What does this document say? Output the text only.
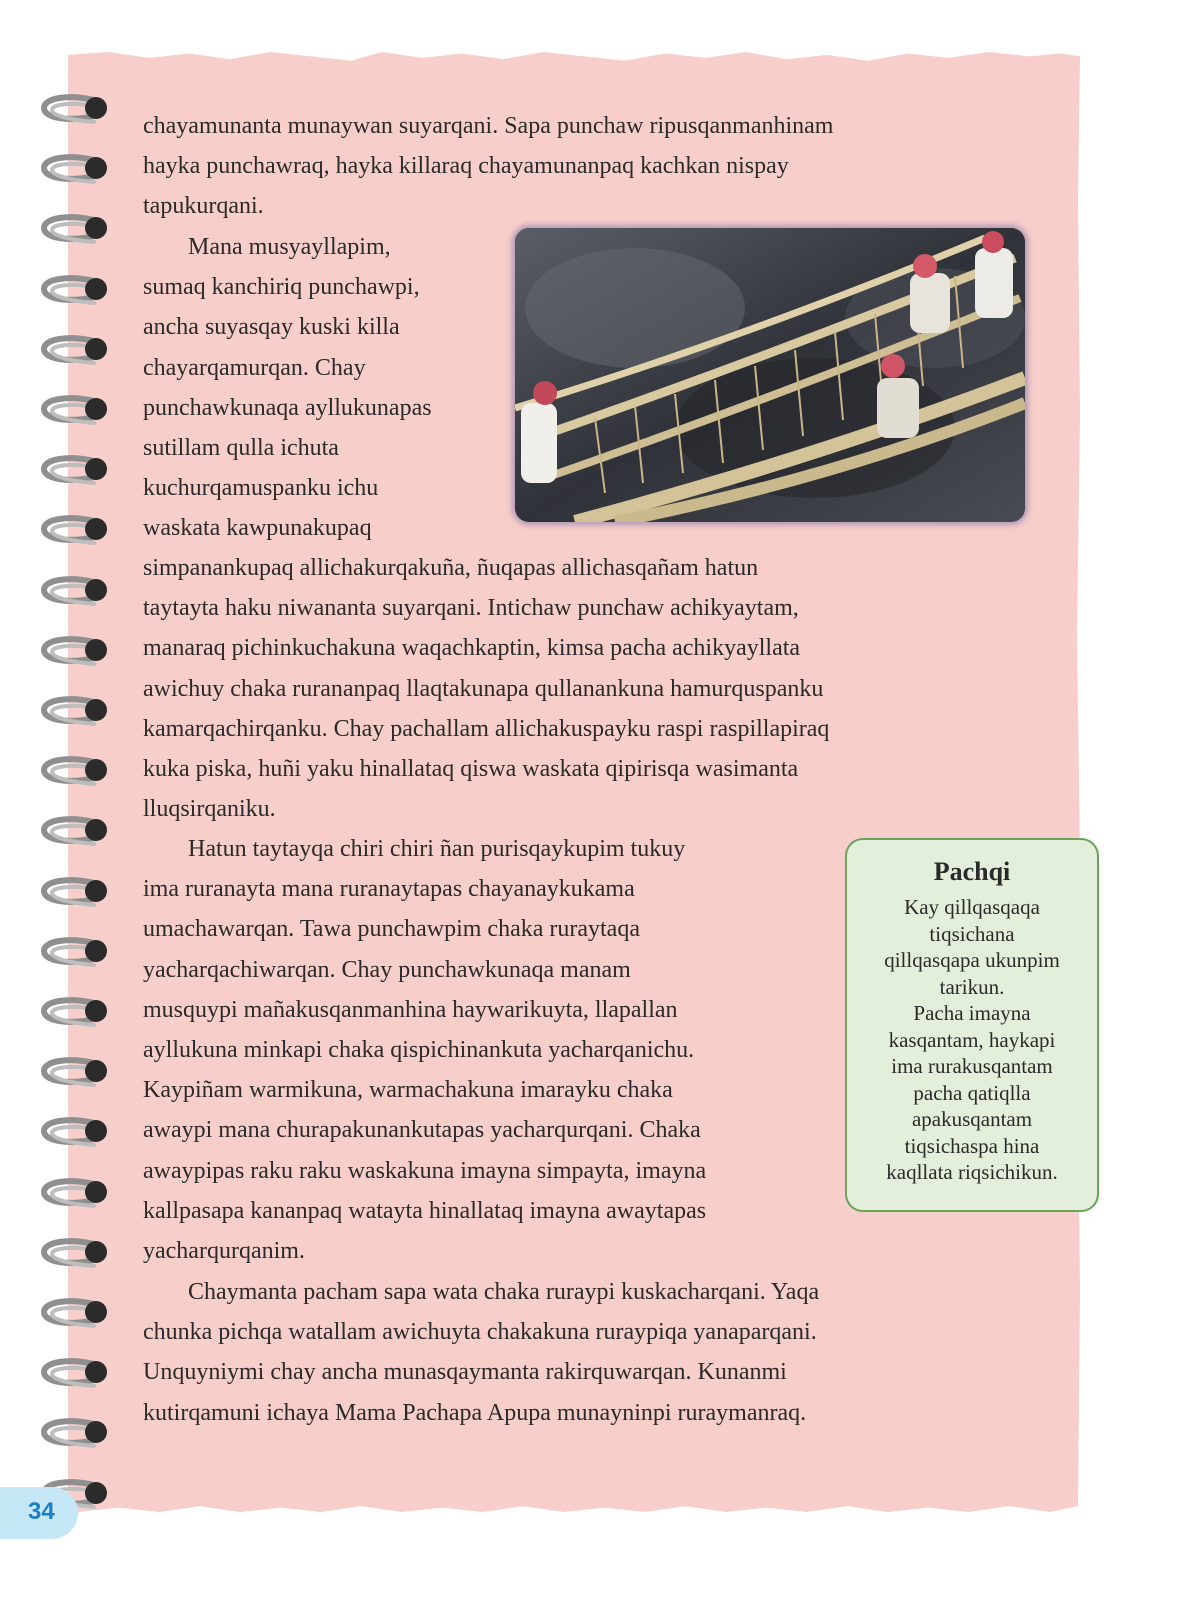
chayamunanta munaywan suyarqani. Sapa punchaw ripusqanmanhinam

hayka punchawraq, hayka killaraq chayamunanpaq kachkan nispay

tapukurqani.

Mana musyayllapim,

sumaq kanchiriq punchawpi,

ancha suyasqay kuski killa

chayarqamurqan. Chay

punchawkunaqa ayllukunapas

sutillam qulla ichuta

kuchurqamuspanku ichu

waskata kawpunakupaq

simpanankupaq allichakurqakuña, ñuqapas allichasqañam hatun

taytayta haku niwananta suyarqani. Intichaw punchaw achikyaytam,

manaraq pichinkuchakuna waqachkaptin, kimsa pacha achikyayllata

awichuy chaka rurananpaq llaqtakunapa qullanankuna hamurquspanku

kamarqachirqanku. Chay pachallam allichakuspayku raspi raspillapiraq

kuka piska, huñi yaku hinallataq qiswa waskata qipirisqa wasimanta

lluqsirqaniku.

Hatun taytayqa chiri chiri ñan purisqaykupim tukuy

ima ruranayta mana ruranaytapas chayanaykukama

umachawarqan. Tawa punchawpim chaka ruraytaqa

yacharqachiwarqan. Chay punchawkunaqa manam

musquypi mañakusqanmanhina haywarikuyta, llapallan

ayllukuna minkapi chaka qispichinankuta yacharqanichu.

Kaypiñam warmikuna, warmachakuna imarayku chaka

awaypi mana churapakunankutapas yacharqurqani. Chaka

awaypipas raku raku waskakuna imayna simpayta, imayna

kallpasapa kananpaq watayta hinallataq imayna awaytapas

yacharqurqanim.

Chaymanta pacham sapa wata chaka ruraypi kuskacharqani. Yaqa

chunka pichqa watallam awichuyta chakakuna ruraypiqa yanaparqani.

Unquyniymi chay ancha munasqaymanta rakirquwarqan. Kunanmi

kutirqamuni ichaya Mama Pachapa Apupa munayninpi ruraymanraq.

Pachqi
Kay qillqasqaqa
tiqsichana
qillqasqapa ukunpim
tarikun.
Pacha imayna
kasqantam, haykapi
ima rurakusqantam
pacha qatiqlla
apakusqantam
tiqsichaspa hina
kaqllata riqsichikun.
34
